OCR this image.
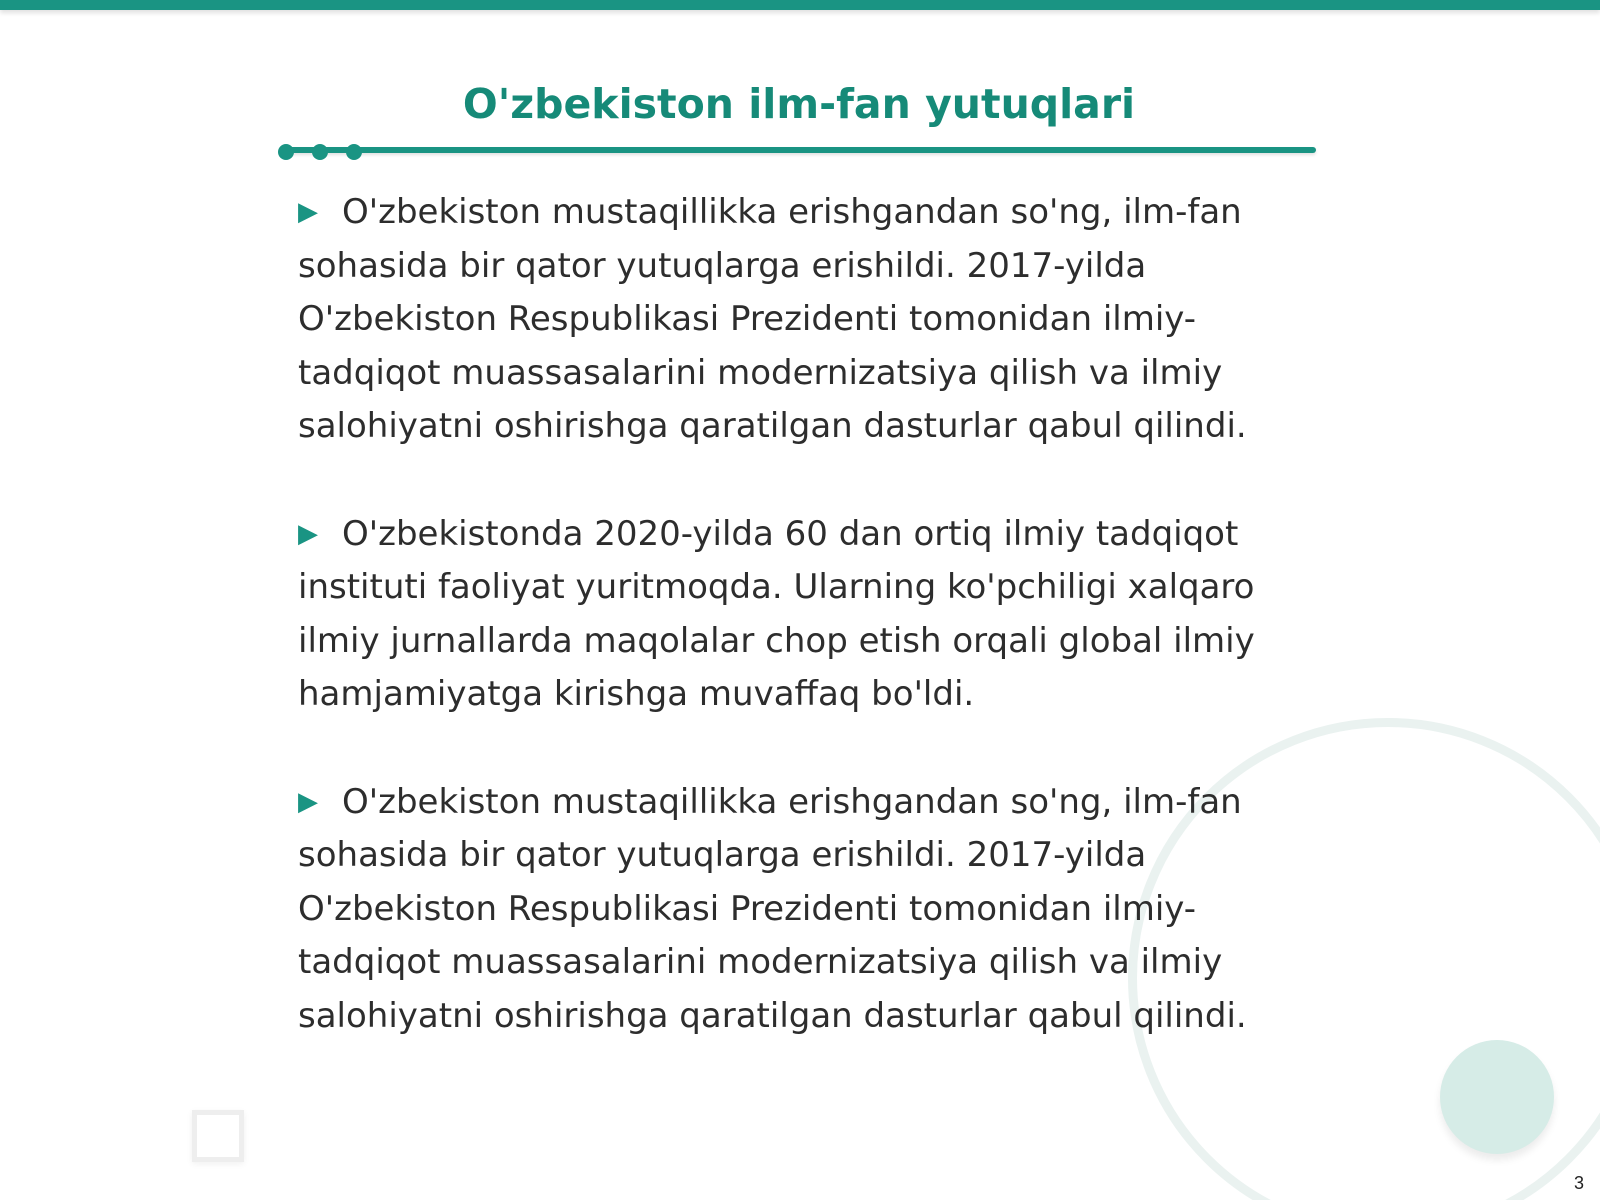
O'zbekiston ilm-fan yutuqlari

▶ O'zbekiston mustaqillikka erishgandan so'ng, ilm-fan sohasida bir qator yutuqlarga erishildi. 2017-yilda O'zbekiston Respublikasi Prezidenti tomonidan ilmiy-tadqiqot muassasalarini modernizatsiya qilish va ilmiy salohiyatni oshirishga qaratilgan dasturlar qabul qilindi.

▶ O'zbekistonda 2020-yilda 60 dan ortiq ilmiy tadqiqot instituti faoliyat yuritmoqda. Ularning ko'pchiligi xalqaro ilmiy jurnallarda maqolalar chop etish orqali global ilmiy hamjamiyatga kirishga muvaffaq bo'ldi.

▶ O'zbekiston mustaqillikka erishgandan so'ng, ilm-fan sohasida bir qator yutuqlarga erishildi. 2017-yilda O'zbekiston Respublikasi Prezidenti tomonidan ilmiy-tadqiqot muassasalarini modernizatsiya qilish va ilmiy salohiyatni oshirishga qaratilgan dasturlar qabul qilindi.

3
